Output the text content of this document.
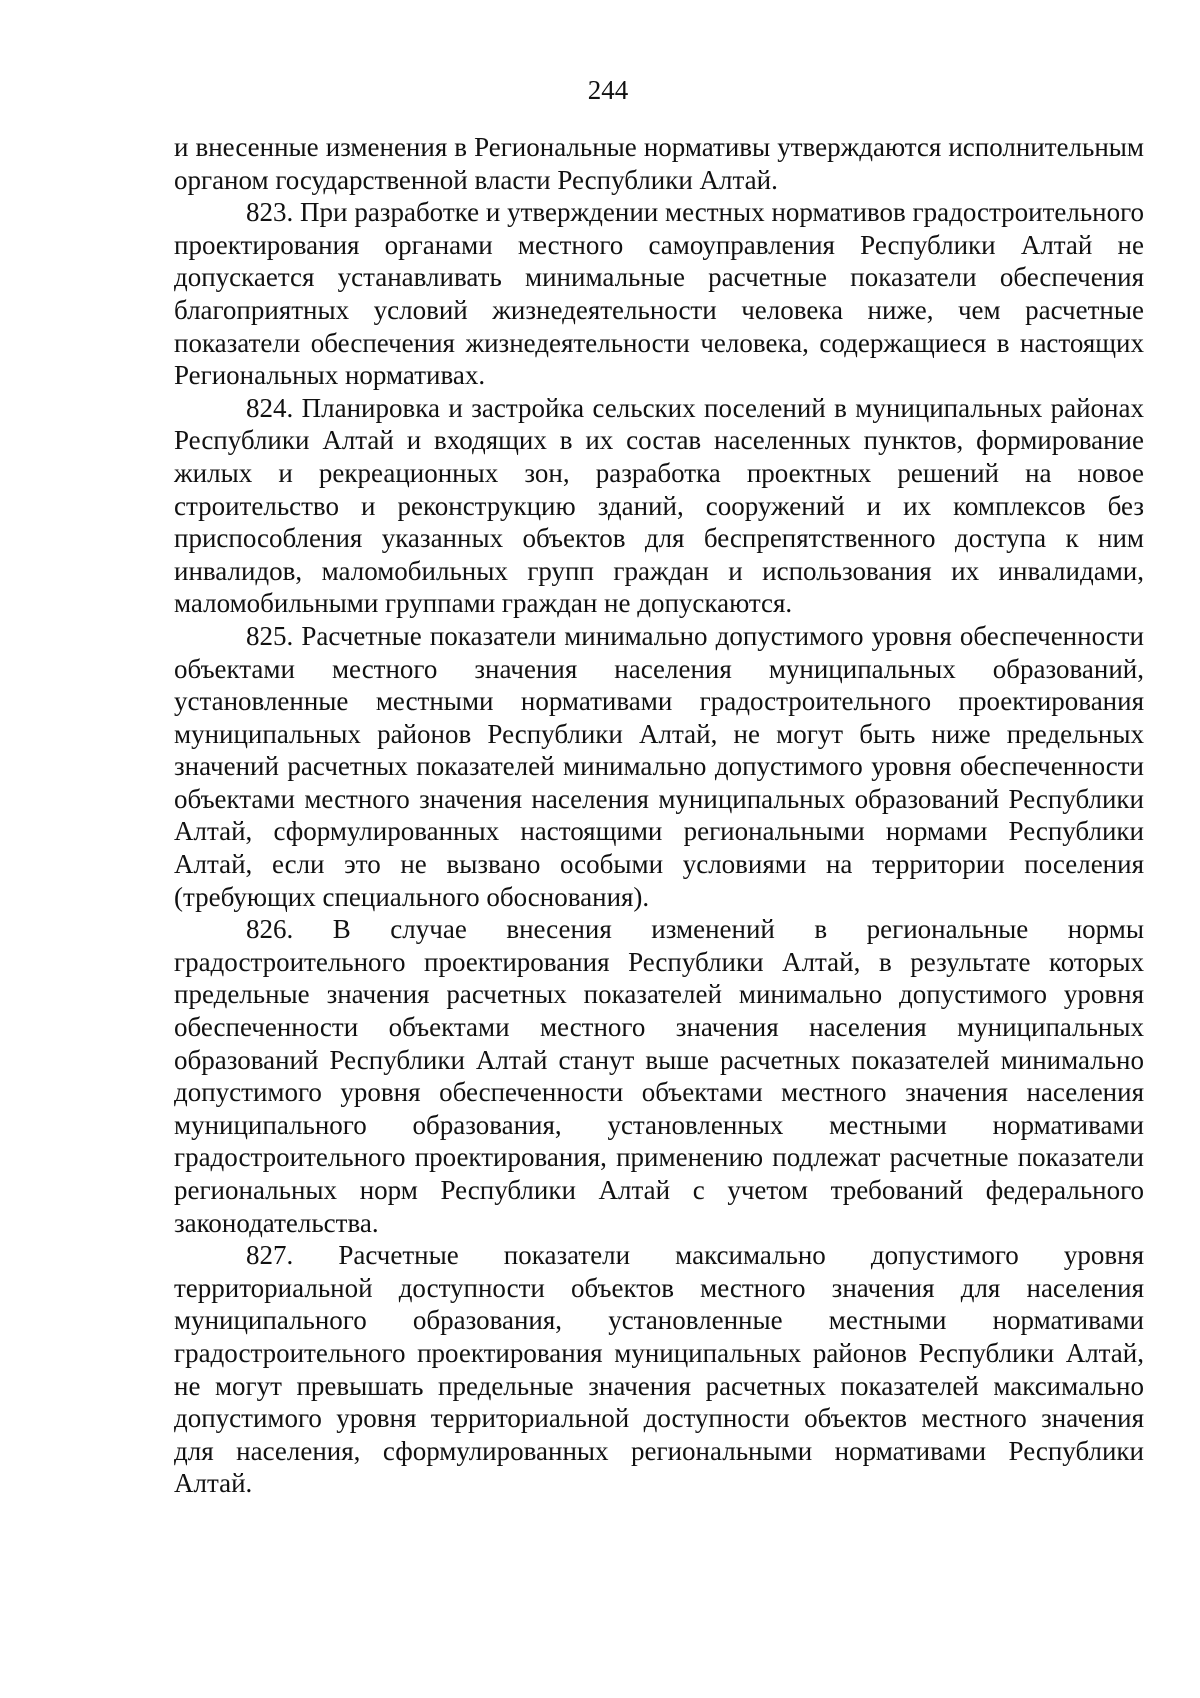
244

и внесенные изменения в Региональные нормативы утверждаются исполнительным органом государственной власти Республики Алтай.

823. При разработке и утверждении местных нормативов градостроительного проектирования органами местного самоуправления Республики Алтай не допускается устанавливать минимальные расчетные показатели обеспечения благоприятных условий жизнедеятельности человека ниже, чем расчетные показатели обеспечения жизнедеятельности человека, содержащиеся в настоящих Региональных нормативах.

824. Планировка и застройка сельских поселений в муниципальных районах Республики Алтай и входящих в их состав населенных пунктов, формирование жилых и рекреационных зон, разработка проектных решений на новое строительство и реконструкцию зданий, сооружений и их комплексов без приспособления указанных объектов для беспрепятственного доступа к ним инвалидов, маломобильных групп граждан и использования их инвалидами, маломобильными группами граждан не допускаются.

825. Расчетные показатели минимально допустимого уровня обеспеченности объектами местного значения населения муниципальных образований, установленные местными нормативами градостроительного проектирования муниципальных районов Республики Алтай, не могут быть ниже предельных значений расчетных показателей минимально допустимого уровня обеспеченности объектами местного значения населения муниципальных образований Республики Алтай, сформулированных настоящими региональными нормами Республики Алтай, если это не вызвано особыми условиями на территории поселения (требующих специального обоснования).

826. В случае внесения изменений в региональные нормы градостроительного проектирования Республики Алтай, в результате которых предельные значения расчетных показателей минимально допустимого уровня обеспеченности объектами местного значения населения муниципальных образований Республики Алтай станут выше расчетных показателей минимально допустимого уровня обеспеченности объектами местного значения населения муниципального образования, установленных местными нормативами градостроительного проектирования, применению подлежат расчетные показатели региональных норм Республики Алтай с учетом требований федерального законодательства.

827. Расчетные показатели максимально допустимого уровня территориальной доступности объектов местного значения для населения муниципального образования, установленные местными нормативами градостроительного проектирования муниципальных районов Республики Алтай, не могут превышать предельные значения расчетных показателей максимально допустимого уровня территориальной доступности объектов местного значения для населения, сформулированных региональными нормативами Республики Алтай.
